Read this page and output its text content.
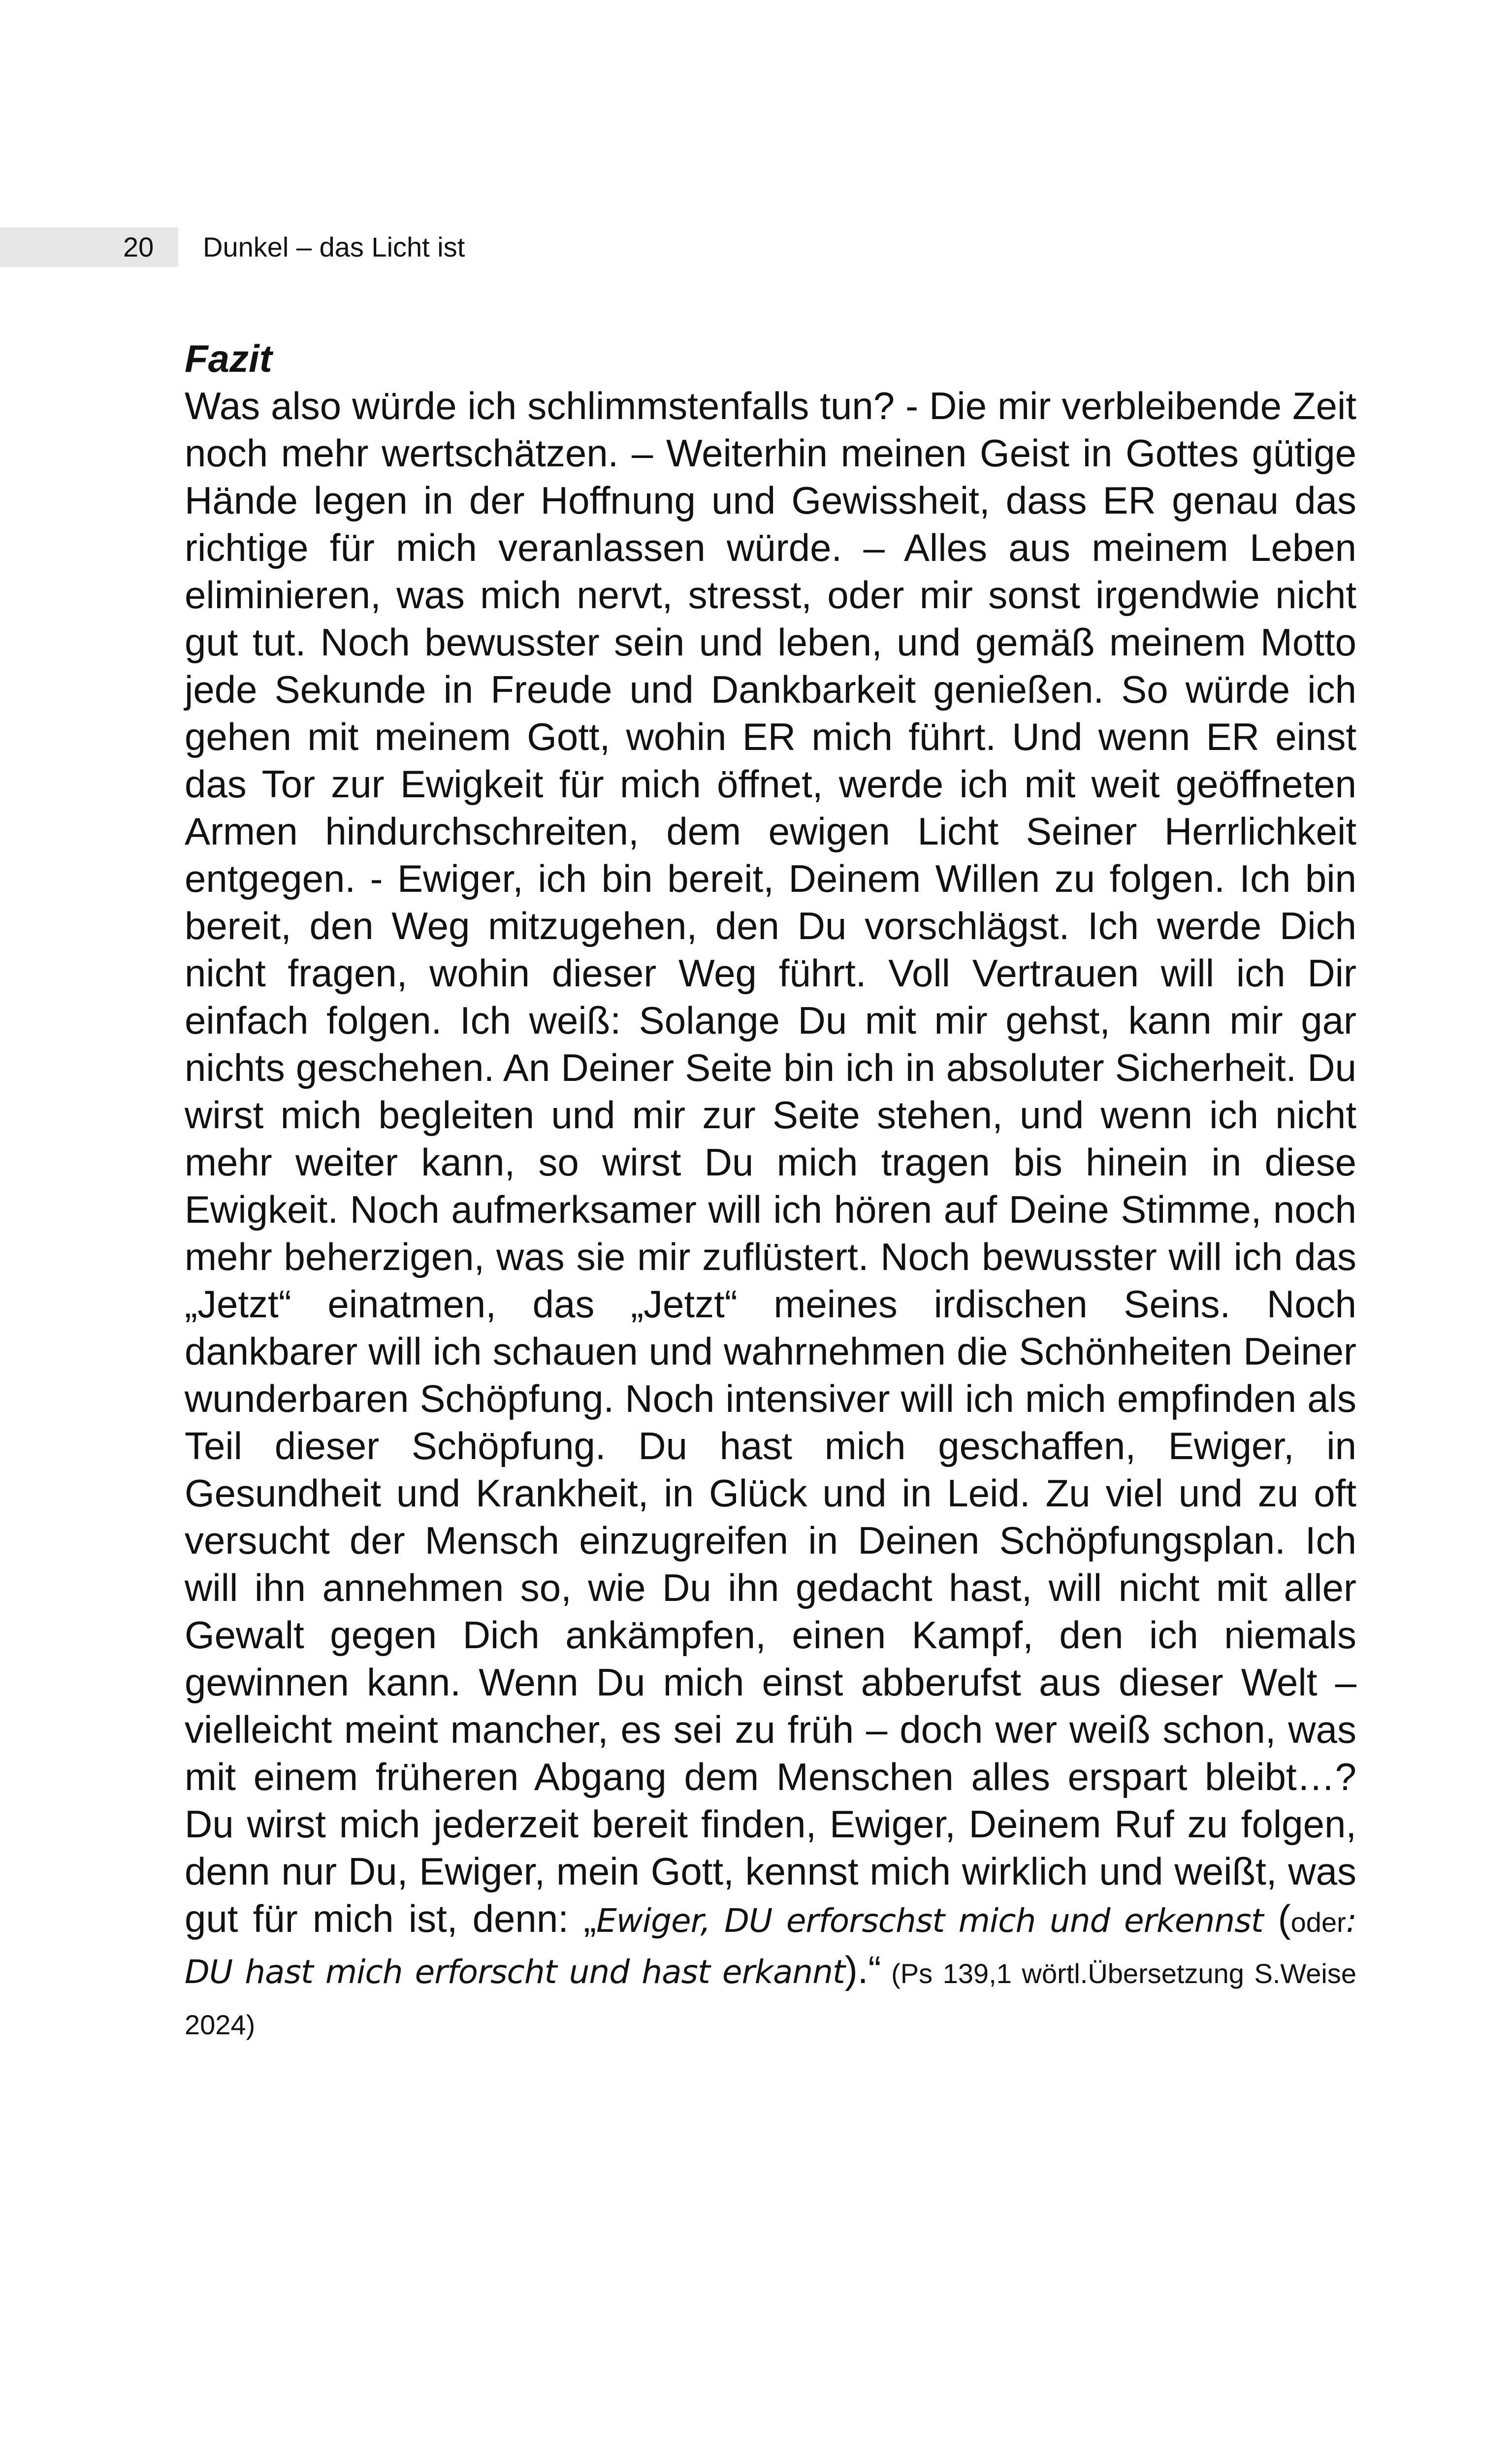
20 Dunkel – das Licht ist
Fazit

Was also würde ich schlimmstenfalls tun? - Die mir verbleibende Zeit noch mehr wertschätzen. – Weiterhin meinen Geist in Gottes gütige Hände legen in der Hoffnung und Gewissheit, dass ER genau das richtige für mich veranlassen würde. – Alles aus meinem Leben eliminieren, was mich nervt, stresst, oder mir sonst irgendwie nicht gut tut. Noch bewusster sein und leben, und gemäß meinem Motto jede Sekunde in Freude und Dankbarkeit genießen. So würde ich gehen mit meinem Gott, wohin ER mich führt. Und wenn ER einst das Tor zur Ewigkeit für mich öffnet, werde ich mit weit geöffneten Armen hindurchschreiten, dem ewigen Licht Seiner Herrlichkeit entgegen. - Ewiger, ich bin bereit, Deinem Willen zu folgen. Ich bin bereit, den Weg mitzugehen, den Du vorschlägst. Ich werde Dich nicht fragen, wohin dieser Weg führt. Voll Vertrauen will ich Dir einfach folgen. Ich weiß: Solange Du mit mir gehst, kann mir gar nichts geschehen. An Deiner Seite bin ich in absoluter Sicherheit. Du wirst mich begleiten und mir zur Seite stehen, und wenn ich nicht mehr weiter kann, so wirst Du mich tragen bis hinein in diese Ewigkeit. Noch aufmerksamer will ich hören auf Deine Stimme, noch mehr beherzigen, was sie mir zuflüstert. Noch bewusster will ich das „Jetzt“ einatmen, das „Jetzt“ meines irdischen Seins. Noch dankbarer will ich schauen und wahrnehmen die Schönheiten Deiner wunderbaren Schöpfung. Noch intensiver will ich mich empfinden als Teil dieser Schöpfung. Du hast mich geschaffen, Ewiger, in Gesundheit und Krankheit, in Glück und in Leid. Zu viel und zu oft versucht der Mensch einzugreifen in Deinen Schöpfungsplan. Ich will ihn annehmen so, wie Du ihn gedacht hast, will nicht mit aller Gewalt gegen Dich ankämpfen, einen Kampf, den ich niemals gewinnen kann. Wenn Du mich einst abberufst aus dieser Welt – vielleicht meint mancher, es sei zu früh – doch wer weiß schon, was mit einem früheren Abgang dem Menschen alles erspart bleibt…? Du wirst mich jederzeit bereit finden, Ewiger, Deinem Ruf zu folgen, denn nur Du, Ewiger, mein Gott, kennst mich wirklich und weißt, was gut für mich ist, denn: „Ewiger, DU erforschst mich und erkennst (oder: DU hast mich erforscht und hast erkannt).“ (Ps 139,1 wörtl.Übersetzung S.Weise 2024)
